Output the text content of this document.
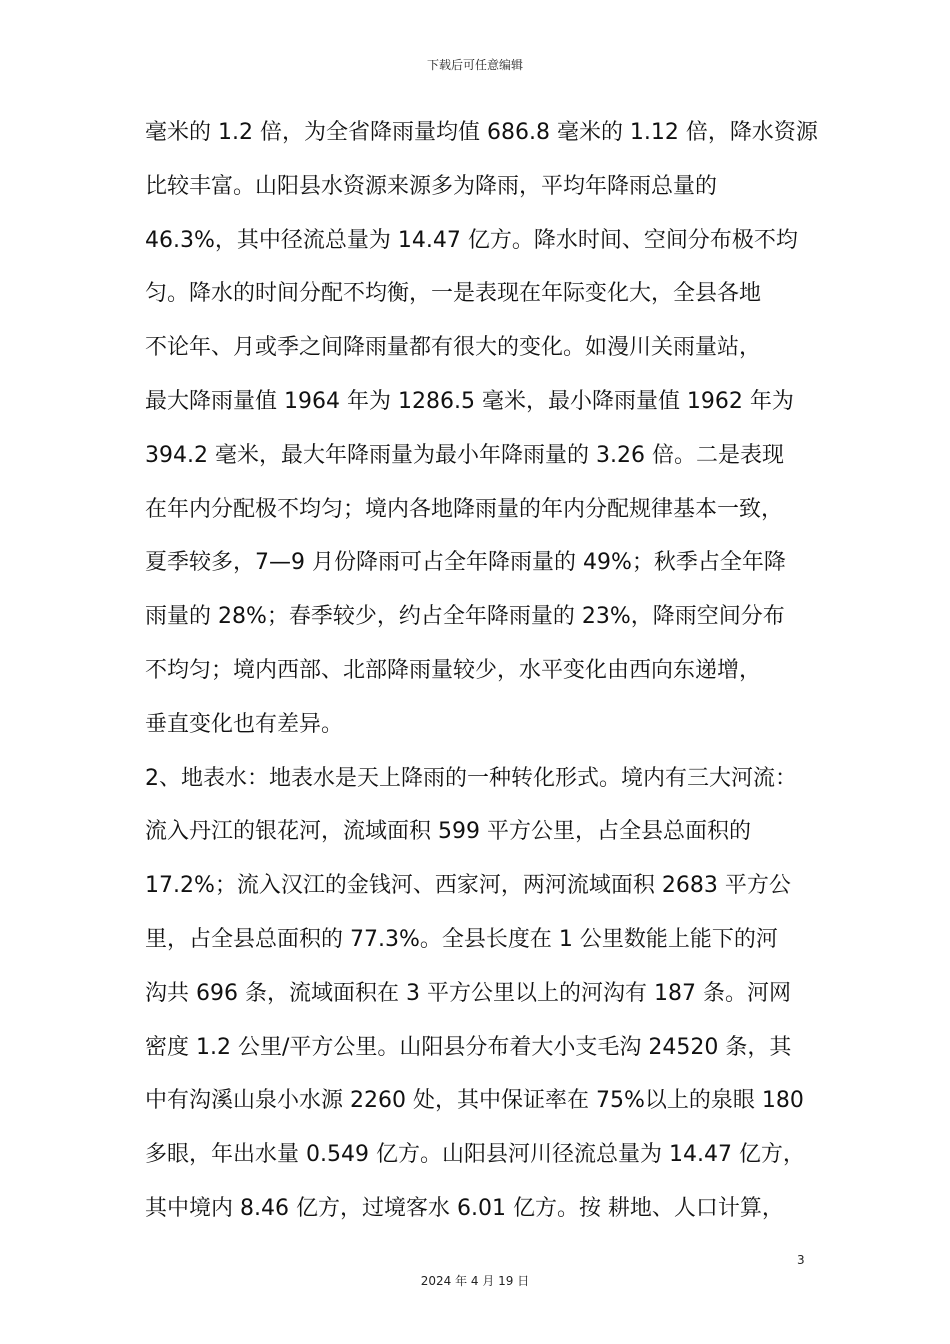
下载后可任意编辑
毫米的 1.2 倍，为全省降雨量均值 686.8 毫米的 1.12 倍，降水资源
比较丰富。山阳县水资源来源多为降雨，平均年降雨总量的
46.3%，其中径流总量为 14.47 亿方。降水时间、空间分布极不均
匀。降水的时间分配不均衡，一是表现在年际变化大，全县各地
不论年、月或季之间降雨量都有很大的变化。如漫川关雨量站，
最大降雨量值 1964 年为 1286.5 毫米，最小降雨量值 1962 年为
394.2 毫米，最大年降雨量为最小年降雨量的 3.26 倍。二是表现
在年内分配极不均匀；境内各地降雨量的年内分配规律基本一致，
夏季较多，7—9 月份降雨可占全年降雨量的 49%；秋季占全年降
雨量的 28%；春季较少，约占全年降雨量的 23%，降雨空间分布
不均匀；境内西部、北部降雨量较少，水平变化由西向东递增，
垂直变化也有差异。
2、地表水：地表水是天上降雨的一种转化形式。境内有三大河流：
流入丹江的银花河，流域面积 599 平方公里，占全县总面积的
17.2%；流入汉江的金钱河、西家河，两河流域面积 2683 平方公
里，占全县总面积的 77.3%。全县长度在 1 公里数能上能下的河
沟共 696 条，流域面积在 3 平方公里以上的河沟有 187 条。河网
密度 1.2 公里/平方公里。山阳县分布着大小支毛沟 24520 条，其
中有沟溪山泉小水源 2260 处，其中保证率在 75%以上的泉眼 180
多眼，年出水量 0.549 亿方。山阳县河川径流总量为 14.47 亿方，
其中境内 8.46 亿方，过境客水 6.01 亿方。按 耕地、人口计算，
3
2024 年 4 月 19 日
